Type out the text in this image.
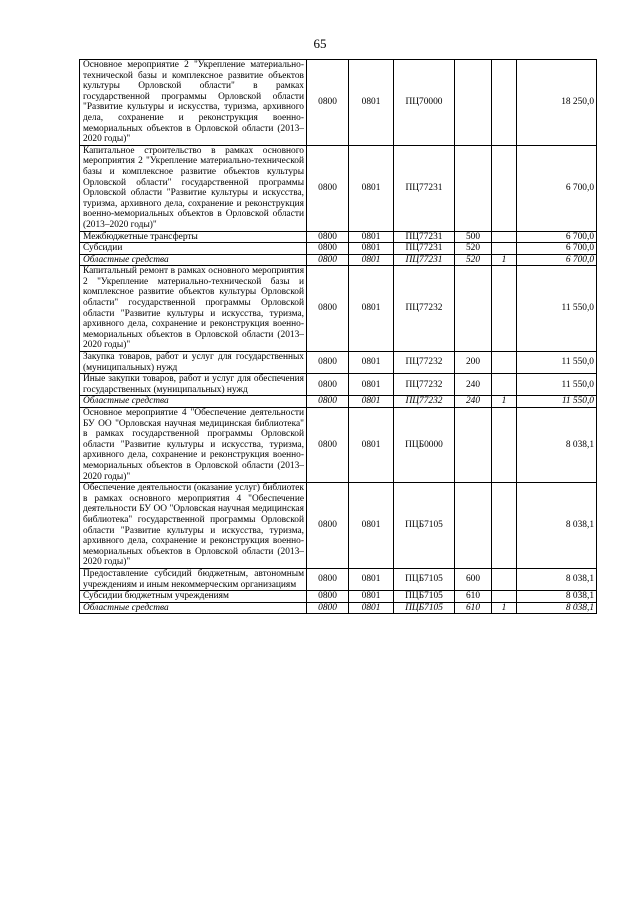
65
Основное мероприятие 2 "Укрепление материально-технической базы и комплексное развитие объектов культуры Орловской области" в рамках государственной программы Орловской области "Развитие культуры и искусства, туризма, архивного дела, сохранение и реконструкция военно-мемориальных объектов в Орловской области (2013–2020 годы)"	0800	0801	ПЦ70000			18 250,0
Капитальное строительство в рамках основного мероприятия 2 "Укрепление материально-технической базы и комплексное развитие объектов культуры Орловской области" государственной программы Орловской области "Развитие культуры и искусства, туризма, архивного дела, сохранение и реконструкция военно-мемориальных объектов в Орловской области (2013–2020 годы)"	0800	0801	ПЦ77231			6 700,0
Межбюджетные трансферты	0800	0801	ПЦ77231	500		6 700,0
Субсидии	0800	0801	ПЦ77231	520		6 700,0
Областные средства	0800	0801	ПЦ77231	520	1	6 700,0
Капитальный ремонт в рамках основного мероприятия 2 "Укрепление материально-технической базы и комплексное развитие объектов культуры Орловской области" государственной программы Орловской области "Развитие культуры и искусства, туризма, архивного дела, сохранение и реконструкция военно-мемориальных объектов в Орловской области (2013–2020 годы)"	0800	0801	ПЦ77232			11 550,0
Закупка товаров, работ и услуг для государственных (муниципальных) нужд	0800	0801	ПЦ77232	200		11 550,0
Иные закупки товаров, работ и услуг для обеспечения государственных (муниципальных) нужд	0800	0801	ПЦ77232	240		11 550,0
Областные средства	0800	0801	ПЦ77232	240	1	11 550,0
Основное мероприятие 4 "Обеспечение деятельности БУ ОО "Орловская научная медицинская библиотека" в рамках государственной программы Орловской области "Развитие культуры и искусства, туризма, архивного дела, сохранение и реконструкция военно-мемориальных объектов в Орловской области (2013–2020 годы)"	0800	0801	ПЦБ0000			8 038,1
Обеспечение деятельности (оказание услуг) библиотек в рамках основного мероприятия 4 "Обеспечение деятельности БУ ОО "Орловская научная медицинская библиотека" государственной программы Орловской области "Развитие культуры и искусства, туризма, архивного дела, сохранение и реконструкция военно-мемориальных объектов в Орловской области (2013–2020 годы)"	0800	0801	ПЦБ7105			8 038,1
Предоставление субсидий бюджетным, автономным учреждениям и иным некоммерческим организациям	0800	0801	ПЦБ7105	600		8 038,1
Субсидии бюджетным учреждениям	0800	0801	ПЦБ7105	610		8 038,1
Областные средства	0800	0801	ПЦБ7105	610	1	8 038,1
